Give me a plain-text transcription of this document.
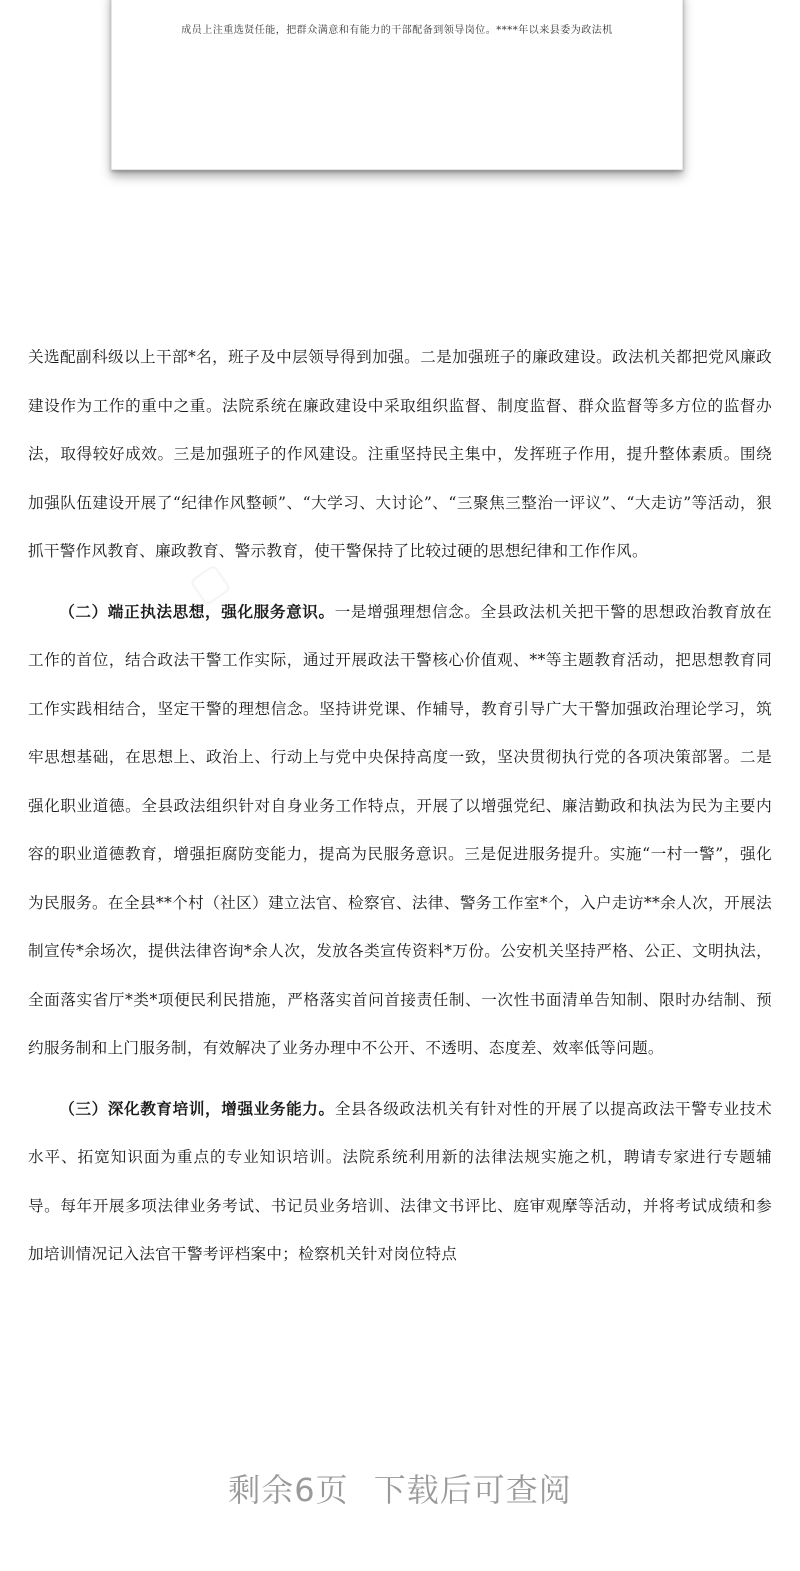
成员上注重选贤任能，把群众满意和有能力的干部配备到领导岗位。****年以来县委为政法机
▢

关选配副科级以上干部*名，班子及中层领导得到加强。二是加强班子的廉政建设。政法机关都把党风廉政建设作为工作的重中之重。法院系统在廉政建设中采取组织监督、制度监督、群众监督等多方位的监督办法，取得较好成效。三是加强班子的作风建设。注重坚持民主集中，发挥班子作用，提升整体素质。围绕加强队伍建设开展了“纪律作风整顿”、“大学习、大讨论”、“三聚焦三整治一评议”、“大走访”等活动，狠抓干警作风教育、廉政教育、警示教育，使干警保持了比较过硬的思想纪律和工作作风。

（二）端正执法思想，强化服务意识。一是增强理想信念。全县政法机关把干警的思想政治教育放在工作的首位，结合政法干警工作实际，通过开展政法干警核心价值观、**等主题教育活动，把思想教育同工作实践相结合，坚定干警的理想信念。坚持讲党课、作辅导，教育引导广大干警加强政治理论学习，筑牢思想基础，在思想上、政治上、行动上与党中央保持高度一致，坚决贯彻执行党的各项决策部署。二是强化职业道德。全县政法组织针对自身业务工作特点，开展了以增强党纪、廉洁勤政和执法为民为主要内容的职业道德教育，增强拒腐防变能力，提高为民服务意识。三是促进服务提升。实施“一村一警”，强化为民服务。在全县**个村（社区）建立法官、检察官、法律、警务工作室*个，入户走访**余人次，开展法制宣传*余场次，提供法律咨询*余人次，发放各类宣传资料*万份。公安机关坚持严格、公正、文明执法，全面落实省厅*类*项便民利民措施，严格落实首问首接责任制、一次性书面清单告知制、限时办结制、预约服务制和上门服务制，有效解决了业务办理中不公开、不透明、态度差、效率低等问题。

（三）深化教育培训，增强业务能力。全县各级政法机关有针对性的开展了以提高政法干警专业技术水平、拓宽知识面为重点的专业知识培训。法院系统利用新的法律法规实施之机，聘请专家进行专题辅导。每年开展多项法律业务考试、书记员业务培训、法律文书评比、庭审观摩等活动，并将考试成绩和参加培训情况记入法官干警考评档案中；检察机关针对岗位特点

剩余6页 下载后可查阅
